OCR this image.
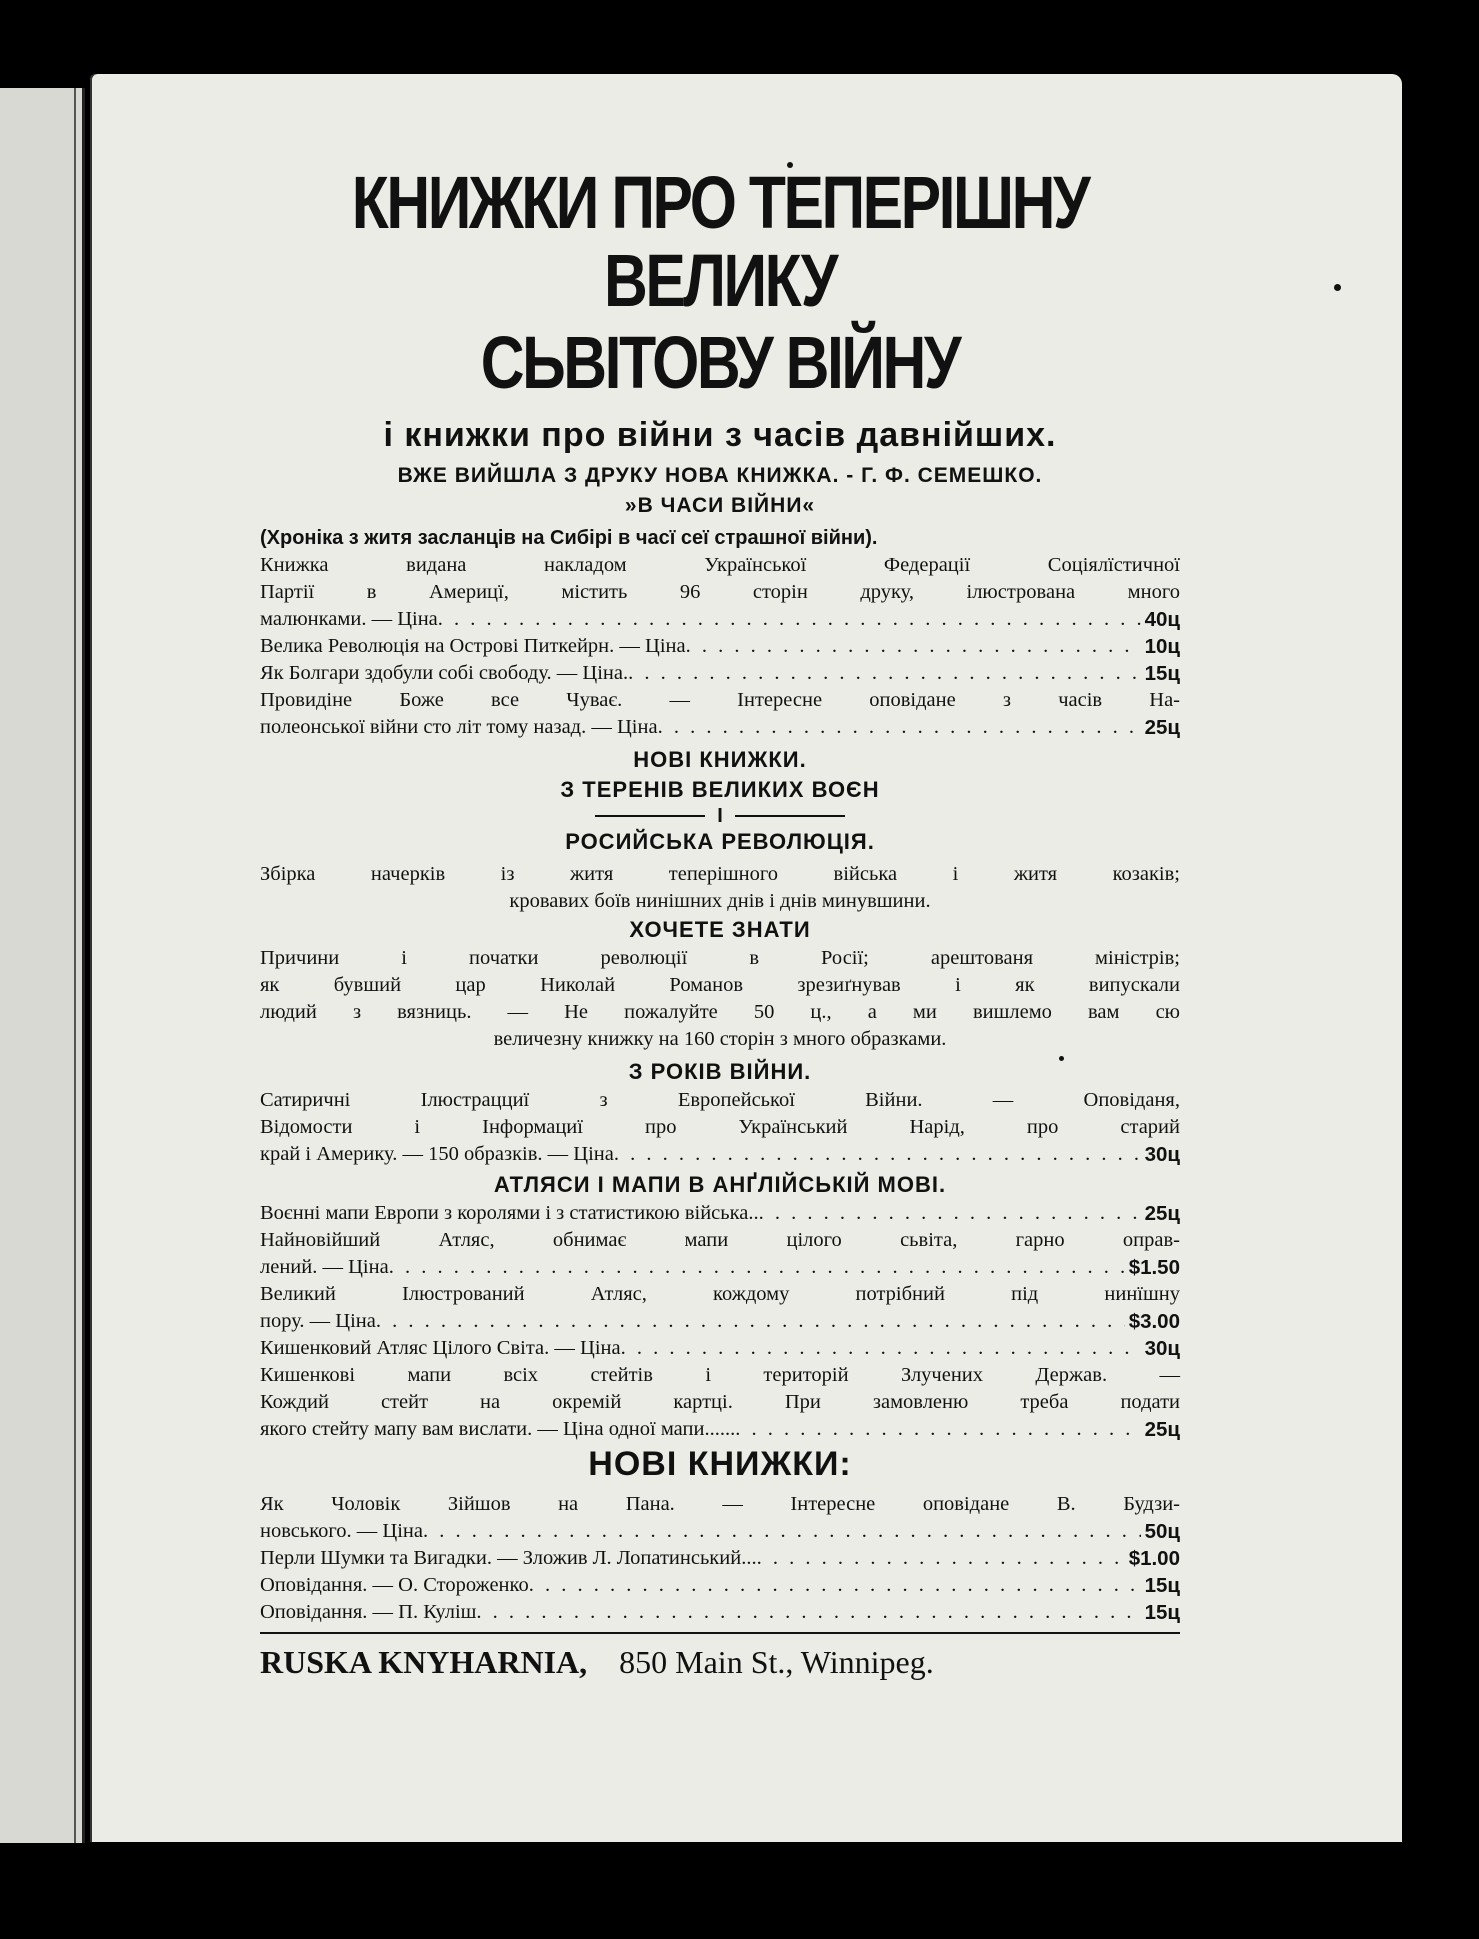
КНИЖКИ ПРО ТЕПЕРІШНУ ВЕЛИКУ
СЬВІТОВУ ВІЙНУ
і книжки про війни з часів давнійших.
ВЖЕ ВИЙШЛА З ДРУКУ НОВА КНИЖКА. - Г. Ф. СЕМЕШКО.
»В ЧАСИ ВІЙНИ«
(Хроніка з житя засланців на Сибірі в часї сеї страшної війни).
Книжка видана накладом Української Федерації Соціялїстичної
Партії в Америцї, містить 96 сторін друку, ілюстрована много
малюнками. — Ціна . . .	40ц
Велика Революція на Острові Питкейрн. — Ціна . . .	10ц
Як Болгари здобули собі свободу. — Ціна. . . .	15ц
Провидіне Боже все Чуває. — Інтересне оповідане з часів На-
полеонської війни сто літ тому назад. — Ціна . . .	25ц
НОВІ КНИЖКИ.
З ТЕРЕНІВ ВЕЛИКИХ ВОЄН
І
РОСИЙСЬКА РЕВОЛЮЦІЯ.
Збірка начерків із житя теперішного війська і житя козаків;
кровавих боїв нинішних днів і днів минувшини.
ХОЧЕТЕ ЗНАТИ
Причини і початки революції в Росії; арештованя міністрів;
як бувший цар Николай Романов зрезиґнував і як випускали
людий з вязниць. — Не пожалуйте 50 ц., а ми вишлемо вам сю
величезну книжку на 160 сторін з много образками.
З РОКІВ ВІЙНИ.
Сатиричні Ілюстрацциї з Европейської Війни. — Оповіданя,
Відомости і Інформациї про Український Нарід, про старий
край і Америку. — 150 образків. — Ціна . . .	30ц
АТЛЯСИ І МАПИ В АНҐЛІЙСЬКІЙ МОВІ.
Воєнні мапи Европи з королями і з статистикою війська.. . . .	25ц
Найновійший Атляс, обнимає мапи цілого сьвіта, гарно оправ-
лений. — Ціна . . .	$1.50
Великий Ілюстрований Атляс, кождому потрібний під нинїшну
пору. — Ціна . . .	$3.00
Кишенковий Атляс Цілого Світа. — Ціна . . .	30ц
Кишенкові мапи всіх стейтів і територій Злучених Держав. —
Кождий стейт на окремій картці. При замовленю треба подати
якого стейту мапу вам вислати. — Ціна одної мапи...... . . .	25ц
НОВІ КНИЖКИ:
Як Чоловік Зійшов на Пана. — Інтересне оповідане В. Будзи-
новського. — Ціна . . .	50ц
Перли Шумки та Вигадки. — Зложив Л. Лопатинський... . . .	$1.00
Оповідання. — О. Стороженко . . .	15ц
Оповідання. — П. Куліш . . .	15ц
RUSKA KNYHARNIA, 850 Main St., Winnipeg.
